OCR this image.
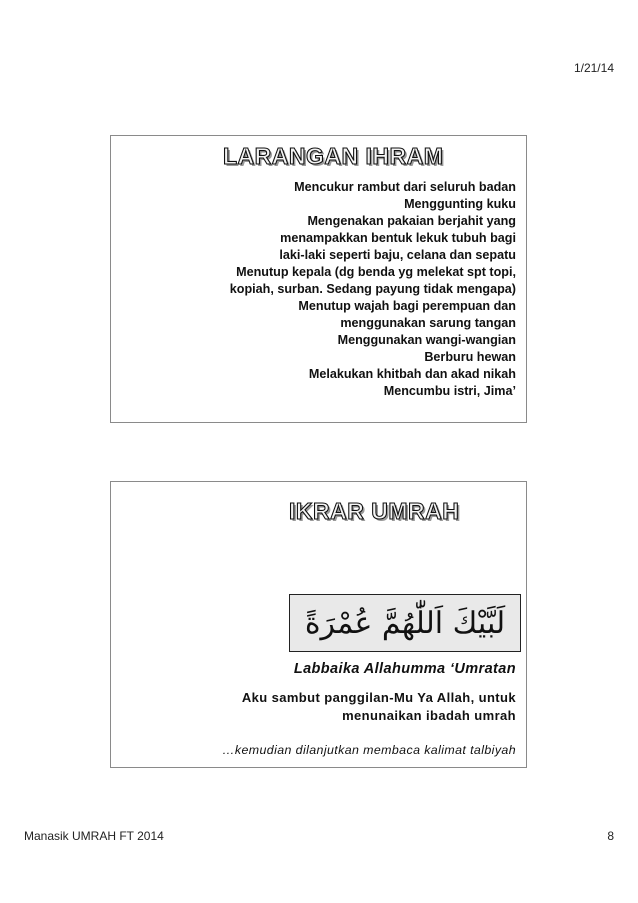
1/21/14
LARANGAN IHRAM
Mencukur rambut dari seluruh badan
Menggunting kuku
Mengenakan pakaian berjahit yang
menampakkan bentuk lekuk tubuh bagi
laki-laki seperti baju, celana dan sepatu
Menutup kepala (dg benda yg melekat spt topi,
kopiah, surban. Sedang payung tidak mengapa)
Menutup wajah bagi perempuan dan
menggunakan sarung tangan
Menggunakan wangi-wangian
Berburu hewan
Melakukan khitbah dan akad nikah
Mencumbu istri, Jima’
IKRAR UMRAH
لَبَّيْكَ اَللّٰهُمَّ عُمْرَةً
Labbaika Allahumma ‘Umratan
Aku sambut panggilan-Mu Ya Allah, untuk
menunaikan ibadah umrah
…kemudian dilanjutkan membaca kalimat talbiyah
Manasik UMRAH FT 2014	8
